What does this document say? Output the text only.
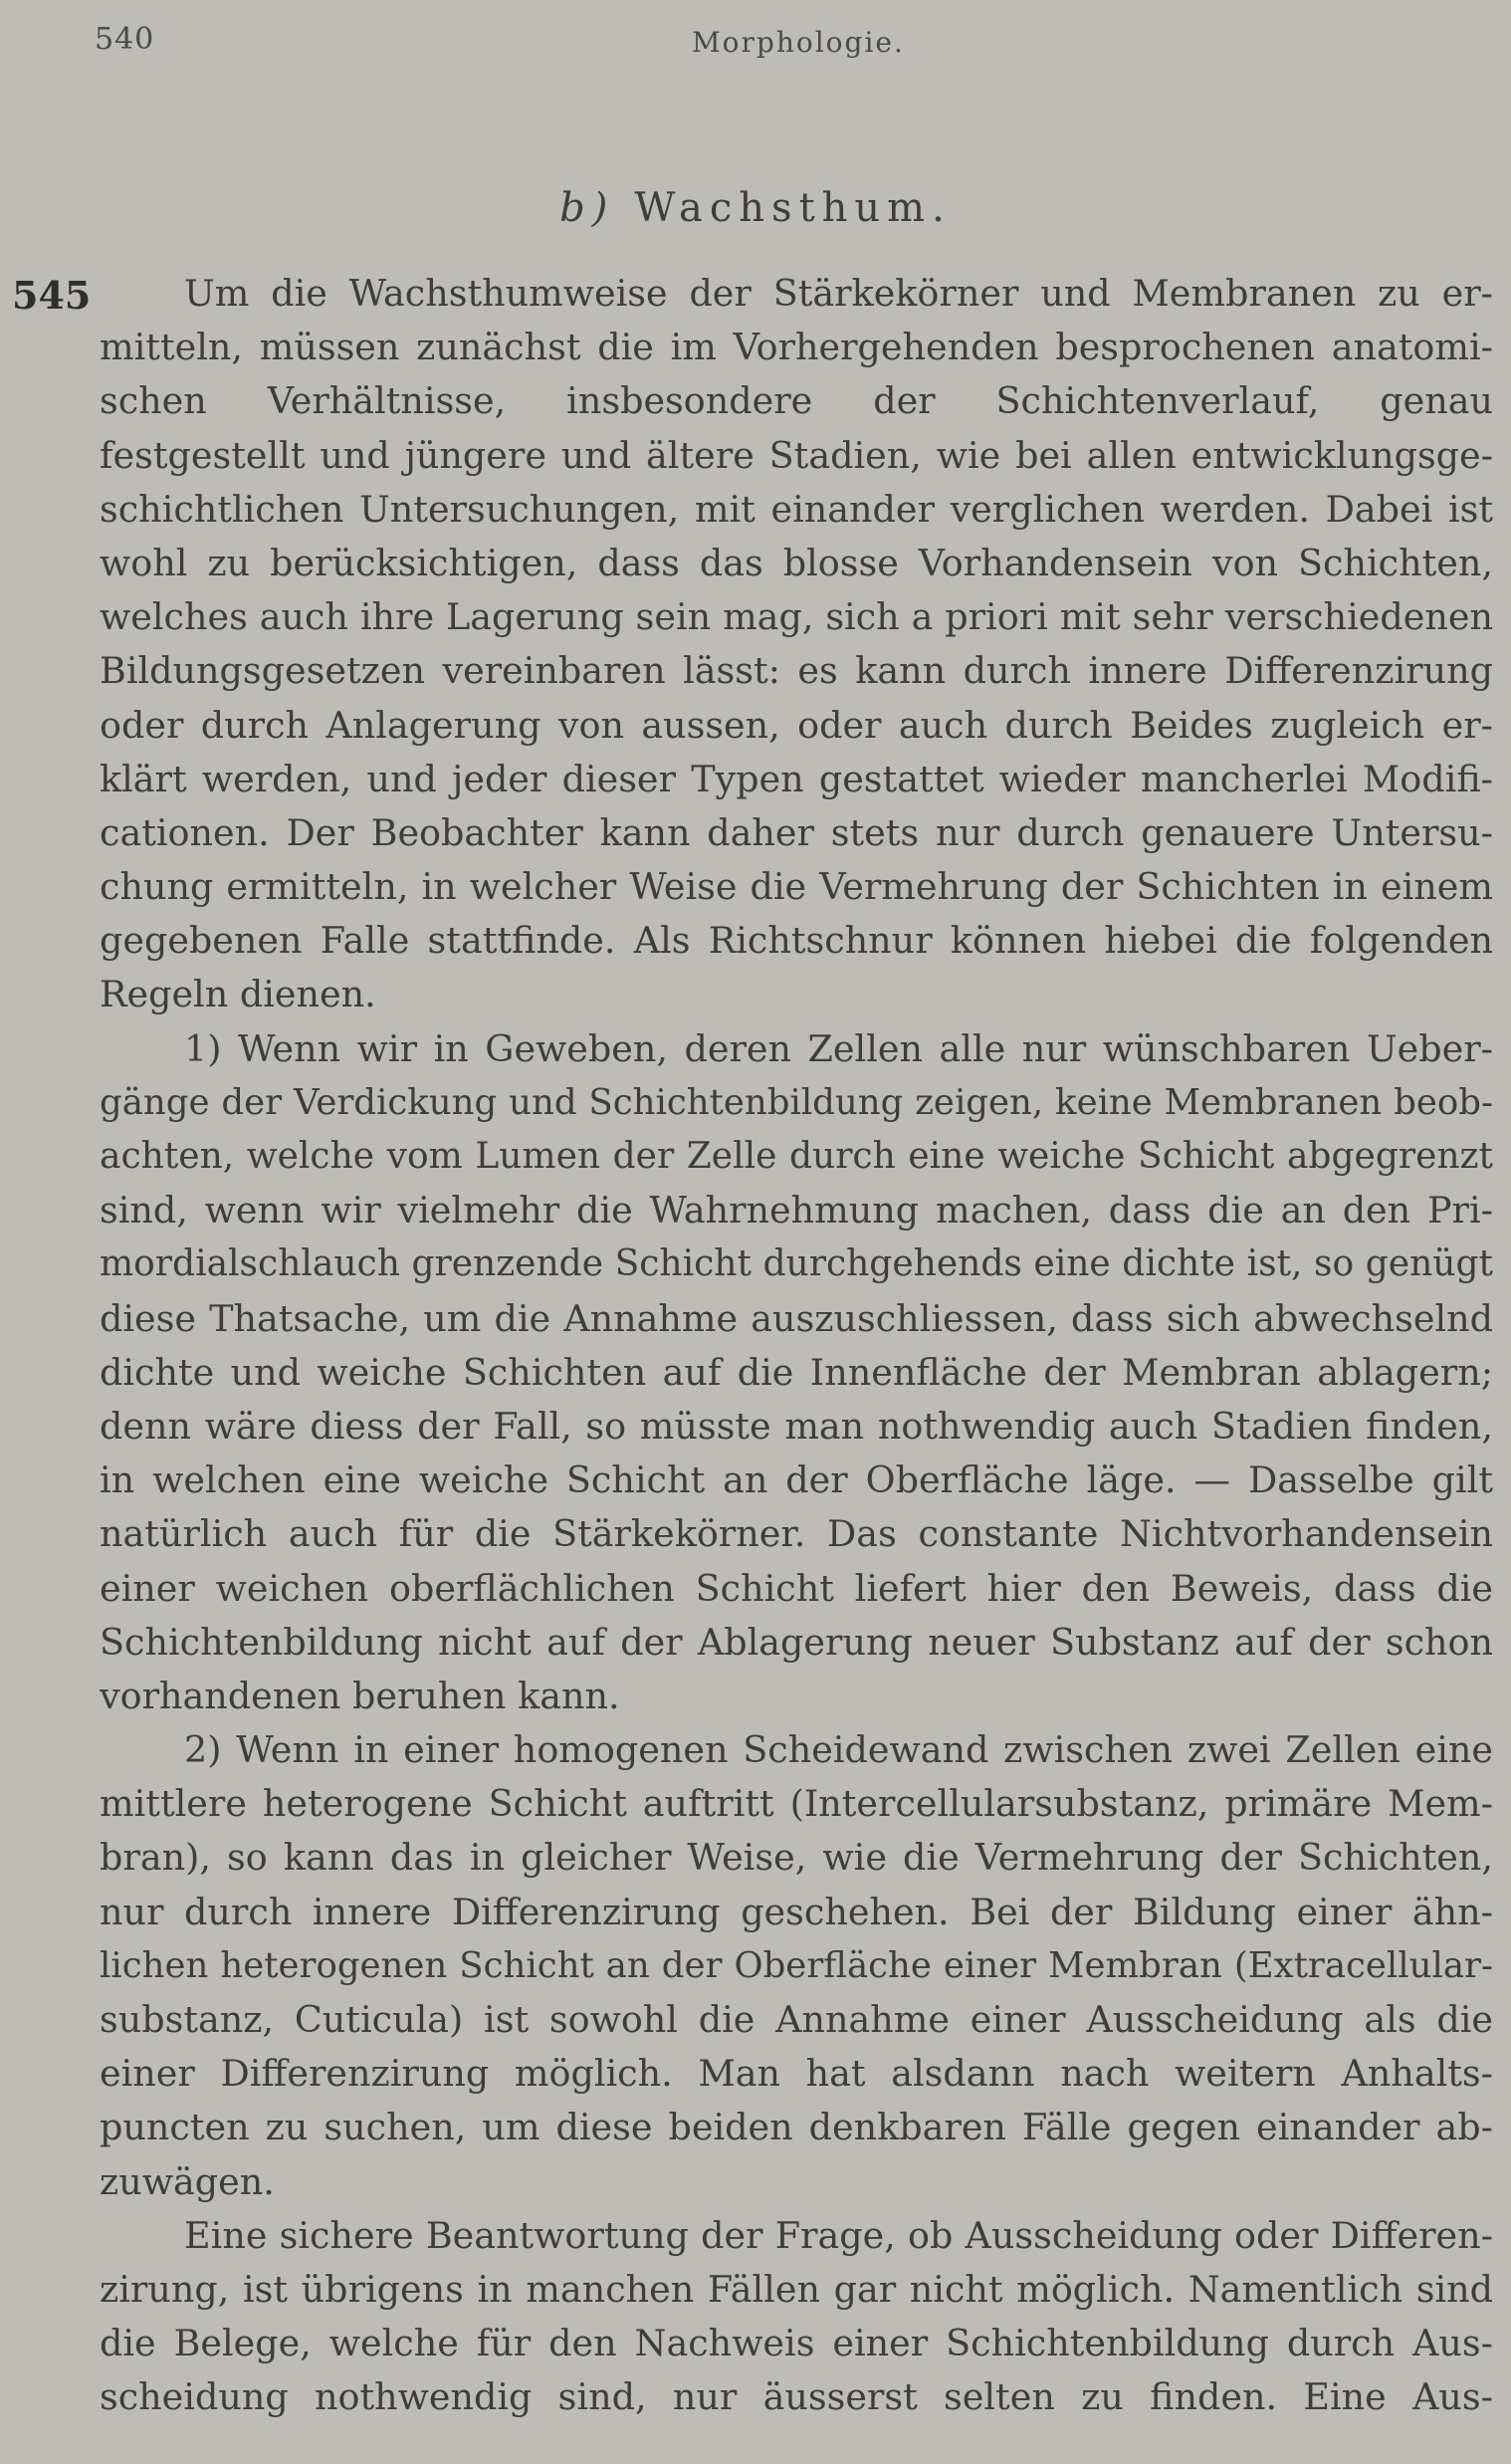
540	Morphologie.
b) Wachsthum.
545	Um die Wachsthumweise der Stärkekörner und Membranen zu er-
mitteln, müssen zunächst die im Vorhergehenden besprochenen anatomi-
schen Verhältnisse, insbesondere der Schichtenverlauf, genau
festgestellt und jüngere und ältere Stadien, wie bei allen entwicklungsge-
schichtlichen Untersuchungen, mit einander verglichen werden. Dabei ist
wohl zu berücksichtigen, dass das blosse Vorhandensein von Schichten,
welches auch ihre Lagerung sein mag, sich a priori mit sehr verschiedenen
Bildungsgesetzen vereinbaren lässt: es kann durch innere Differenzirung
oder durch Anlagerung von aussen, oder auch durch Beides zugleich er-
klärt werden, und jeder dieser Typen gestattet wieder mancherlei Modifi-
cationen. Der Beobachter kann daher stets nur durch genauere Untersu-
chung ermitteln, in welcher Weise die Vermehrung der Schichten in einem
gegebenen Falle stattfinde. Als Richtschnur können hiebei die folgenden
Regeln dienen.
1) Wenn wir in Geweben, deren Zellen alle nur wünschbaren Ueber-
gänge der Verdickung und Schichtenbildung zeigen, keine Membranen beob-
achten, welche vom Lumen der Zelle durch eine weiche Schicht abgegrenzt
sind, wenn wir vielmehr die Wahrnehmung machen, dass die an den Pri-
mordialschlauch grenzende Schicht durchgehends eine dichte ist, so genügt
diese Thatsache, um die Annahme auszuschliessen, dass sich abwechselnd
dichte und weiche Schichten auf die Innenfläche der Membran ablagern;
denn wäre diess der Fall, so müsste man nothwendig auch Stadien finden,
in welchen eine weiche Schicht an der Oberfläche läge. — Dasselbe gilt
natürlich auch für die Stärkekörner. Das constante Nichtvorhandensein
einer weichen oberflächlichen Schicht liefert hier den Beweis, dass die
Schichtenbildung nicht auf der Ablagerung neuer Substanz auf der schon
vorhandenen beruhen kann.
2) Wenn in einer homogenen Scheidewand zwischen zwei Zellen eine
mittlere heterogene Schicht auftritt (Intercellularsubstanz, primäre Mem-
bran), so kann das in gleicher Weise, wie die Vermehrung der Schichten,
nur durch innere Differenzirung geschehen. Bei der Bildung einer ähn-
lichen heterogenen Schicht an der Oberfläche einer Membran (Extracellular-
substanz, Cuticula) ist sowohl die Annahme einer Ausscheidung als die
einer Differenzirung möglich. Man hat alsdann nach weitern Anhalts-
puncten zu suchen, um diese beiden denkbaren Fälle gegen einander ab-
zuwägen.
Eine sichere Beantwortung der Frage, ob Ausscheidung oder Differen-
zirung, ist übrigens in manchen Fällen gar nicht möglich. Namentlich sind
die Belege, welche für den Nachweis einer Schichtenbildung durch Aus-
scheidung nothwendig sind, nur äusserst selten zu finden. Eine Aus-
